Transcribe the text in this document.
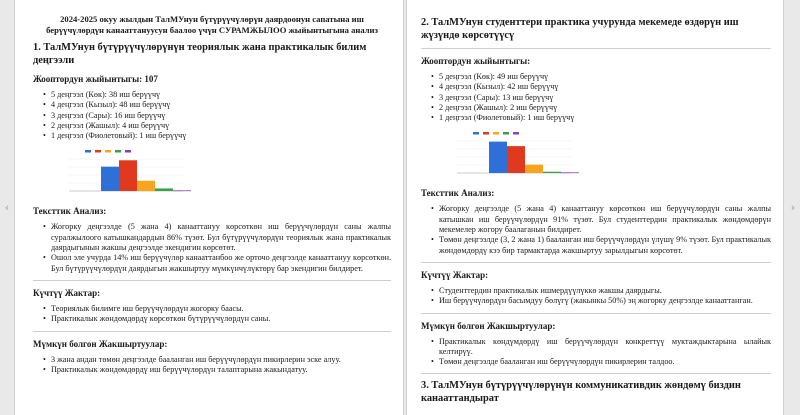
‹
2024-2025 окуу жылдын ТалМУнун бүтүрүүчүлөрүн даярдоонун сапатына иш берүүчүлөрдүн канааттануусун баалоо үчүн СУРАМЖЫЛОО жыйынтыгына анализ
1. ТалМУнун бүтүрүүчүлөрүнүн теориялык жана практикалык билим деңгээли
Жооптордун жыйынтыгы: 107
• 5 деңгээл (Көк): 38 иш берүүчү
• 4 деңгээл (Кызыл): 48 иш берүүчү
• 3 деңгээл (Сары): 16 иш берүүчү
• 2 деңгээл (Жашыл): 4 иш берүүчү
• 1 деңгээл (Фиолетовый): 1 иш берүүчү
Тексттик Анализ:
• Жогорку деңгээлде (5 жана 4) канааттануу көрсөткөн иш берүүчүлөрдүн саны жалпы суралжылоого катышкандардын 86% түзөт. Бул бүтүрүүчүлөрдүн теориялык жана практикалык даярдыгынын жакшы деңгээлде экендигин көрсөтөт.
• Ошол эле учурда 14% иш берүүчүлөр канааттанбоо же орточо деңгээлде канааттануу көрсөткөн. Бул бүтүрүүчүлөрдүн даярдыгын жакшыртуу мүмкүнчүлүктөрү бар экендигин билдирет.
Күчтүү Жактар:
• Теориялык билимге иш берүүчүлөрдүн жогорку баасы.
• Практикалык жөндөмдөрдү көрсөткөн бүтүрүүчүлөрдүн саны.
Мүмкүн болгон Жакшыртуулар:
• 3 жана андан төмөн деңгээлде бааланган иш берүүчүлөрдүн пикирлерин эске алуу.
• Практикалык жөндөмдөрдү иш берүүчүлөрдүн талаптарына жакындатуу.
2. ТалМУнун студенттери практика учурунда мекемеде өздөрүн иш жүзүндө көрсөтүүсү
Жооптордун жыйынтыгы:
• 5 деңгээл (Көк): 49 иш берүүчү
• 4 деңгээл (Кызыл): 42 иш берүүчү
• 3 деңгээл (Сары): 13 иш берүүчү
• 2 деңгээл (Жашыл): 2 иш берүүчү
• 1 деңгээл (Фиолетовый): 1 иш берүүчү
Тексттик Анализ:
• Жогорку деңгээлде (5 жана 4) канааттануу көрсөткөн иш берүүчүлөрдүн саны жалпы катышкан иш берүүчүлөрдүн 91% түзөт. Бул студенттердин практикалык жөндөмдөрүн мекемелер жогору баалаганын билдирет.
• Төмөн деңгээлде (3, 2 жана 1) бааланган иш берүүчүлөрдүн үлүшү 9% түзөт. Бул практикалык жөндөмдөрдү кээ бир тармактарда жакшыртуу зарылдыгын көрсөтөт.
Күчтүү Жактар:
• Студенттердин практикалык ишмердүүлүккө жакшы даярдыгы.
• Иш берүүчүлөрдүн басымдуу бөлүгү (жакынкы 50%) эң жогорку деңгээлде канааттанган.
Мүмкүн болгон Жакшыртуулар:
• Практикалык көндүмдөрдү иш берүүчүлөрдүн конкреттүү муктаждыктарына ылайык келтирүү.
• Төмөн деңгээлде бааланган иш берүүчүлөрдүн пикирлерин талдоо.
3. ТалМУнун бүтүрүүчүлөрүнүн коммуникативдик жөндөмү биздин канааттандырат
›
